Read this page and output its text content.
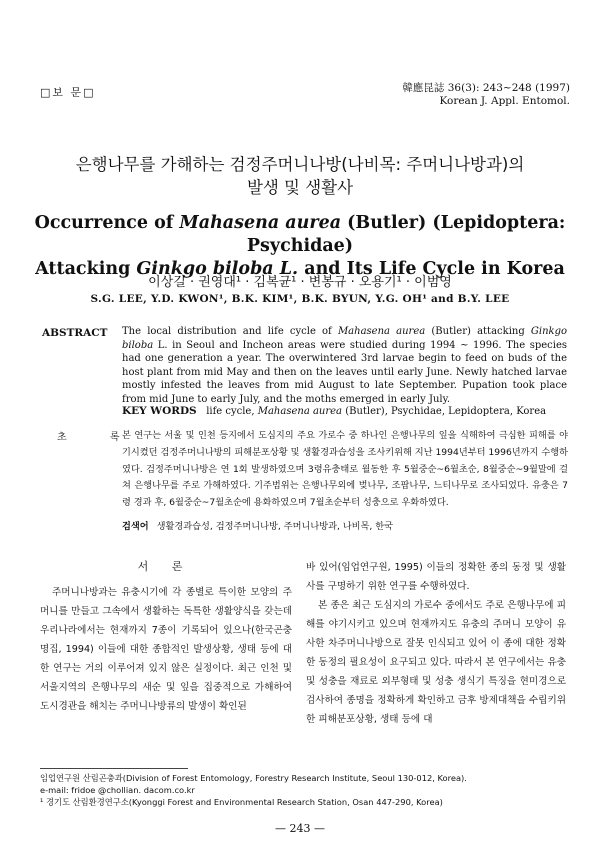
□보 문□	韓應昆誌 36(3): 243~248 (1997)
Korean J. Appl. Entomol.
은행나무를 가해하는 검정주머니나방(나비목: 주머니나방과)의
발생 및 생활사
Occurrence of Mahasena aurea (Butler) (Lepidoptera: Psychidae)
Attacking Ginkgo biloba L. and Its Life Cycle in Korea
이상길 · 권영대¹ · 김복균¹ · 변봉규 · 오용기¹ · 이범영
S.G. LEE, Y.D. KWON¹, B.K. KIM¹, B.K. BYUN, Y.G. OH¹ and B.Y. LEE
ABSTRACT The local distribution and life cycle of Mahasena aurea (Butler) attacking Ginkgo biloba L. in Seoul and Incheon areas were studied during 1994 ~ 1996. The species had one generation a year. The overwintered 3rd larvae begin to feed on buds of the host plant from mid May and then on the leaves until early June. Newly hatched larvae mostly infested the leaves from mid August to late September. Pupation took place from mid June to early July, and the moths emerged in early July.
KEY WORDS life cycle, Mahasena aurea (Butler), Psychidae, Lepidoptera, Korea
초 록
본 연구는 서울 및 인천 등지에서 도심지의 주요 가로수 중 하나인 은행나무의 잎을 식해하여 극심한 피해를 야기시켰던 검정주머니나방의 피해분포상황 및 생활경과습성을 조사키위해 지난 1994년부터 1996년까지 수행하였다. 검정주머니나방은 연 1회 발생하였으며 3령유충태로 월동한 후 5월중순~6월초순, 8월중순~9월말에 걸쳐 은행나무를 주로 가해하였다. 기주범위는 은행나무외에 벚나무, 조팝나무, 느티나무로 조사되었다. 유충은 7령 경과 후, 6월중순~7월초순에 용화하였으며 7월초순부터 성충으로 우화하였다.
검색어 생활경과습성, 검정주머니나방, 주머니나방과, 나비목, 한국
서 론

주머니나방과는 유충시기에 각 종별로 특이한 모양의 주머니를 만들고 그속에서 생활하는 독특한 생활양식을 갖는데 우리나라에서는 현재까지 7종이 기록되어 있으나(한국곤충명집, 1994) 이들에 대한 종합적인 발생상황, 생태 등에 대한 연구는 거의 이루어져 있지 않은 실정이다. 최근 인천 및 서울지역의 은행나무의 새순 및 잎을 집중적으로 가해하여 도시경관을 해치는 주머니나방류의 발생이 확인된

바 있어(임업연구원, 1995) 이들의 정확한 종의 동정 및 생활사를 구명하기 위한 연구를 수행하였다.

본 종은 최근 도심지의 가로수 중에서도 주로 은행나무에 피해를 야기시키고 있으며 현재까지도 유충의 주머니 모양이 유사한 차주머니나방으로 잘못 인식되고 있어 이 종에 대한 정확한 동정의 필요성이 요구되고 있다. 따라서 본 연구에서는 유충 및 성충을 재료로 외부형태 및 성충 생식기 특징을 현미경으로 검사하여 종명을 정확하게 확인하고 금후 방제대책을 수립키위한 피해분포상황, 생태 등에 대

임업연구원 산림곤충과(Division of Forest Entomology, Forestry Research Institute, Seoul 130-012, Korea).
e-mail: fridoe @chollian. dacom.co.kr
¹ 경기도 산림환경연구소(Kyonggi Forest and Environmental Research Station, Osan 447-290, Korea)
— 243 —
